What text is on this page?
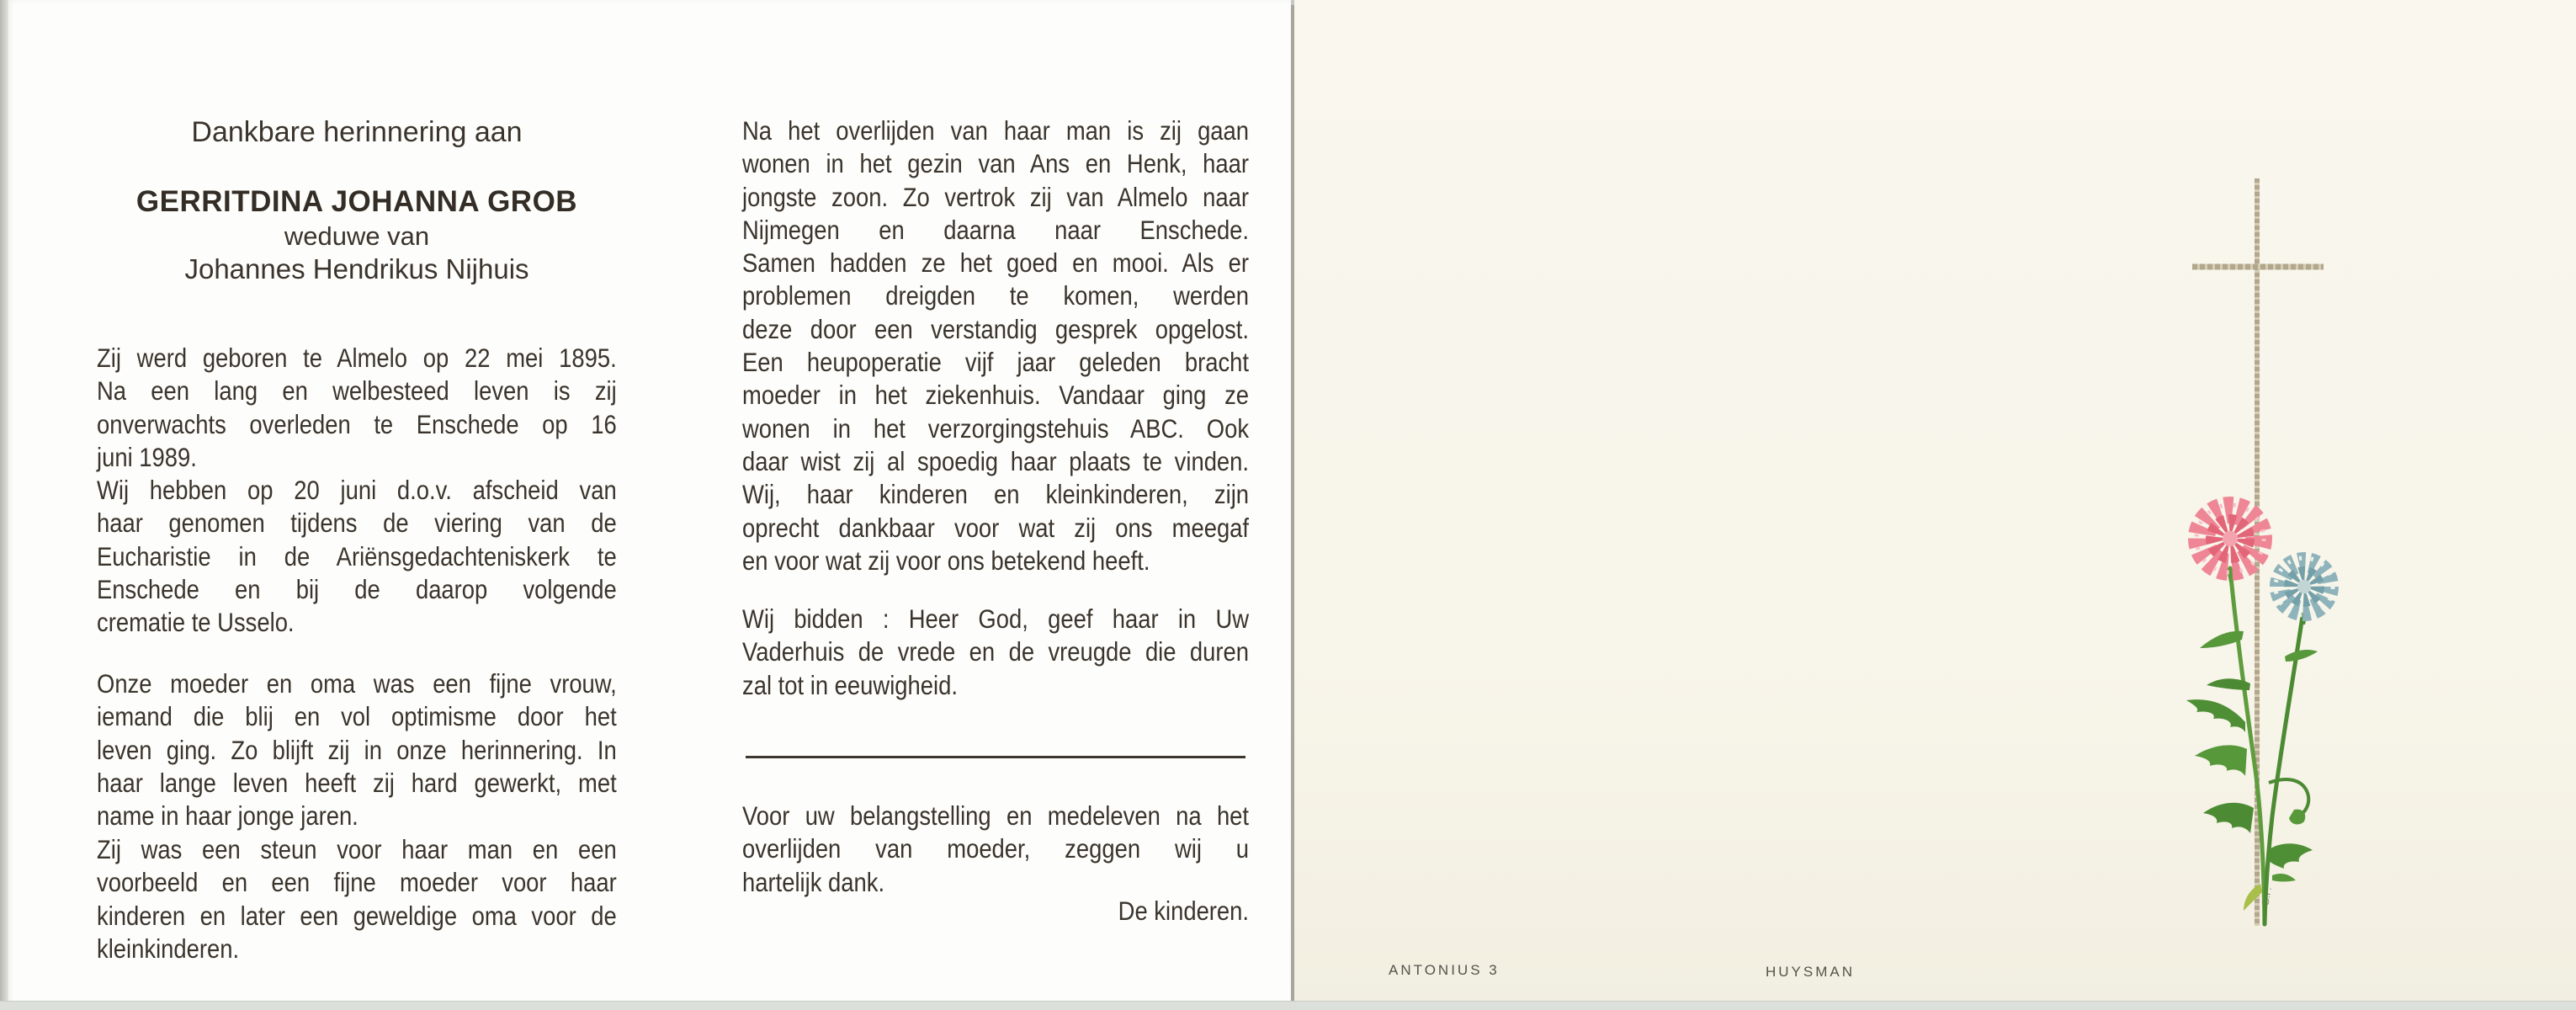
Dankbare herinnering aan
GERRITDINA JOHANNA GROB
weduwe van
Johannes Hendrikus Nijhuis
Zij werd geboren te Almelo op 22 mei 1895.
Na een lang en welbesteed leven is zij
onverwachts overleden te Enschede op 16
juni 1989.
Wij hebben op 20 juni d.o.v. afscheid van
haar genomen tijdens de viering van de
Eucharistie in de Ariënsgedachteniskerk te
Enschede en bij de daarop volgende
crematie te Usselo.
Onze moeder en oma was een fijne vrouw,
iemand die blij en vol optimisme door het
leven ging. Zo blijft zij in onze herinnering. In
haar lange leven heeft zij hard gewerkt, met
name in haar jonge jaren.
Zij was een steun voor haar man en een
voorbeeld en een fijne moeder voor haar
kinderen en later een geweldige oma voor de
kleinkinderen.
Na het overlijden van haar man is zij gaan
wonen in het gezin van Ans en Henk, haar
jongste zoon. Zo vertrok zij van Almelo naar
Nijmegen en daarna naar Enschede.
Samen hadden ze het goed en mooi. Als er
problemen dreigden te komen, werden
deze door een verstandig gesprek opgelost.
Een heupoperatie vijf jaar geleden bracht
moeder in het ziekenhuis. Vandaar ging ze
wonen in het verzorgingstehuis ABC. Ook
daar wist zij al spoedig haar plaats te vinden.
Wij, haar kinderen en kleinkinderen, zijn
oprecht dankbaar voor wat zij ons meegaf
en voor wat zij voor ons betekend heeft.
Wij bidden : Heer God, geef haar in Uw
Vaderhuis de vrede en de vreugde die duren
zal tot in eeuwigheid.
Voor uw belangstelling en medeleven na het
overlijden van moeder, zeggen wij u
hartelijk dank.
De kinderen.
ANTONIUS 3	HUYSMAN
G.P.
